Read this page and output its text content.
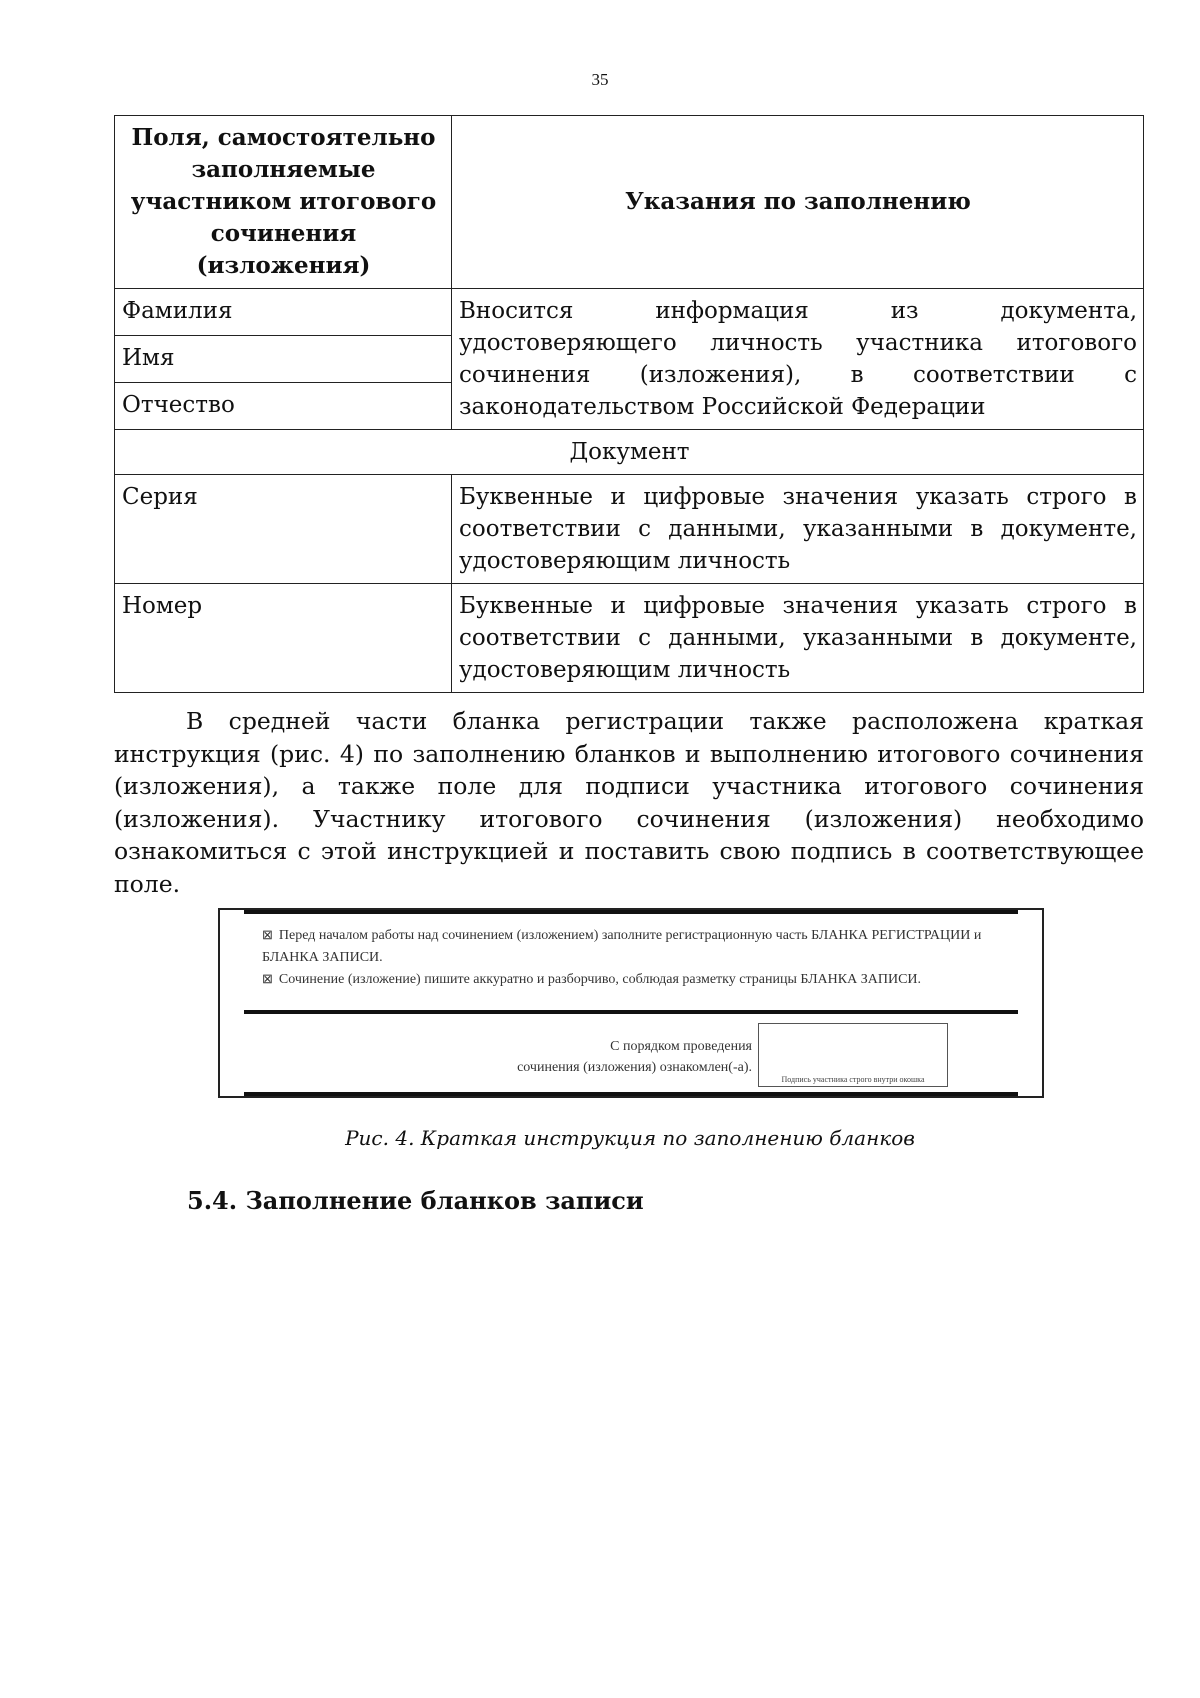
35
Поля, самостоятельно заполняемые участником итогового сочинения (изложения)	Указания по заполнению
Фамилия	Вносится информация из документа, удостоверяющего личность участника итогового сочинения (изложения), в соответствии с законодательством Российской Федерации
Имя	
Отчество	
Документ	
Серия	Буквенные и цифровые значения указать строго в соответствии с данными, указанными в документе, удостоверяющим личность
Номер	Буквенные и цифровые значения указать строго в соответствии с данными, указанными в документе, удостоверяющим личность

В средней части бланка регистрации также расположена краткая инструкция (рис. 4) по заполнению бланков и выполнению итогового сочинения (изложения), а также поле для подписи участника итогового сочинения (изложения). Участнику итогового сочинения (изложения) необходимо ознакомиться с этой инструкцией и поставить свою подпись в соответствующее поле.

⊠ Перед началом работы над сочинением (изложением) заполните регистрационную часть БЛАНКА РЕГИСТРАЦИИ и БЛАНКА ЗАПИСИ.
⊠ Сочинение (изложение) пишите аккуратно и разборчиво, соблюдая разметку страницы БЛАНКА ЗАПИСИ.
С порядком проведения
сочинения (изложения) ознакомлен(-а).
Подпись участника строго внутри окошка
Рис. 4. Краткая инструкция по заполнению бланков
5.4. Заполнение бланков записи
